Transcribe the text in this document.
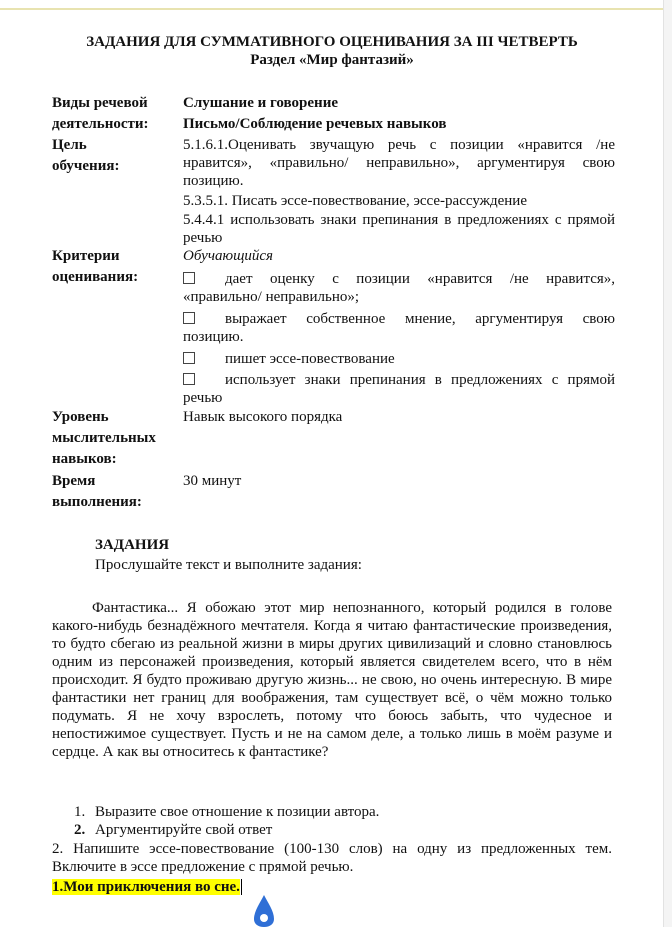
ЗАДАНИЯ ДЛЯ СУММАТИВНОГО ОЦЕНИВАНИЯ ЗА III ЧЕТВЕРТЬ
Раздел «Мир фантазий»
Виды речевой
деятельности:
Цель
обучения:
Критерии
оценивания:
Уровень
мыслительных
навыков:
Время
выполнения:
Слушание и говорение
Письмо/Соблюдение речевых навыков
5.1.6.1.Оценивать звучащую речь с позиции «нравится /не нравится», «правильно/ неправильно», аргументируя свою позицию.
5.3.5.1. Писать эссе-повествование, эссе-рассуждение
5.4.4.1 использовать знаки препинания в предложениях с прямой речью
Обучающийся
дает оценку с позиции «нравится /не нравится», «правильно/ неправильно»;
выражает собственное мнение, аргументируя свою позицию.
пишет эссе-повествование
использует знаки препинания в предложениях с прямой речью
Навык высокого порядка
30 минут
ЗАДАНИЯ
Прослушайте текст и выполните задания:
Фантастика... Я обожаю этот мир непознанного, который родился в голове какого-нибудь безнадёжного мечтателя. Когда я читаю фантастические произведения, то будто сбегаю из реальной жизни в миры других цивилизаций и словно становлюсь одним из персонажей произведения, который является свидетелем всего, что в нём происходит. Я будто проживаю другую жизнь... не свою, но очень интересную. В мире фантастики нет границ для воображения, там существует всё, о чём можно только подумать. Я не хочу взрослеть, потому что боюсь забыть, что чудесное и непостижимое существует. Пусть и не на самом деле, а только лишь в моём разуме и сердце. А как вы относитесь к фантастике?
1. Выразите свое отношение к позиции автора.
2. Аргументируйте свой ответ
2. Напишите эссе-повествование (100-130 слов) на одну из предложенных тем. Включите в эссе предложение с прямой речью.
1.Мои приключения во сне.
